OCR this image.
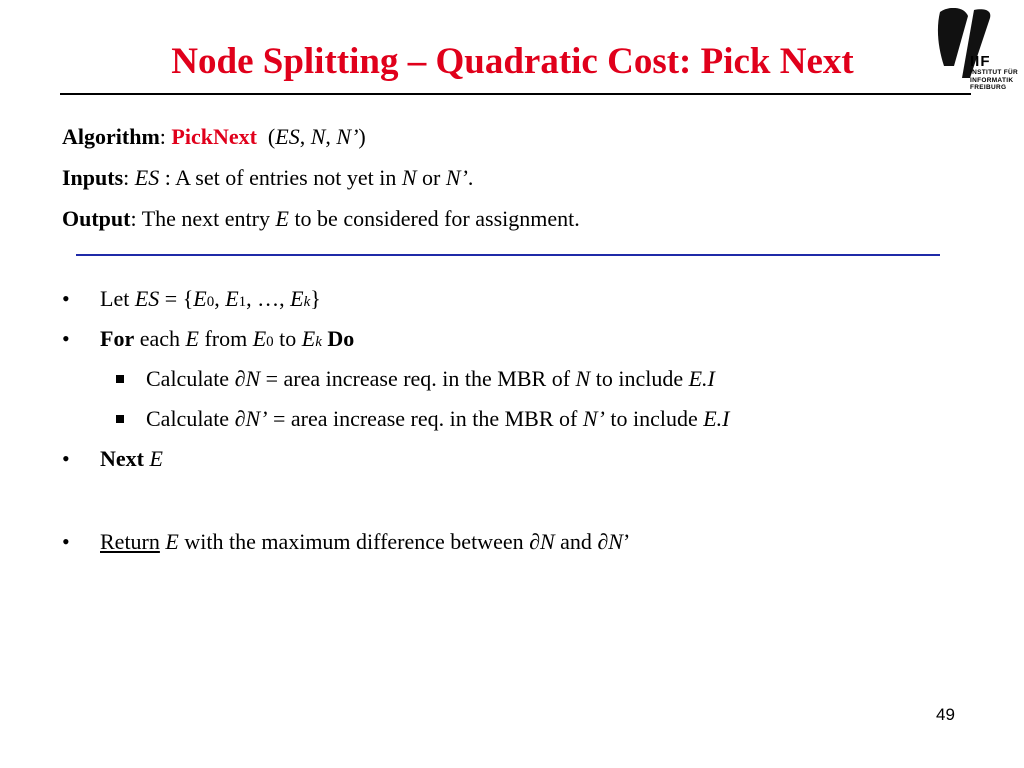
Node Splitting – Quadratic Cost: Pick Next	IIF
INSTITUT FÜR
INFORMATIK
FREIBURG
Algorithm: PickNext (ES, N, N’)
Inputs: ES : A set of entries not yet in N or N’.
Output: The next entry E to be considered for assignment.
• Let ES = {E0, E1, …, Ek}
• For each E from E0 to Ek Do
Calculate ∂N = area increase req. in the MBR of N to include E.I
Calculate ∂N’ = area increase req. in the MBR of N’ to include E.I
• Next E
• Return E with the maximum difference between ∂N and ∂N’
49
